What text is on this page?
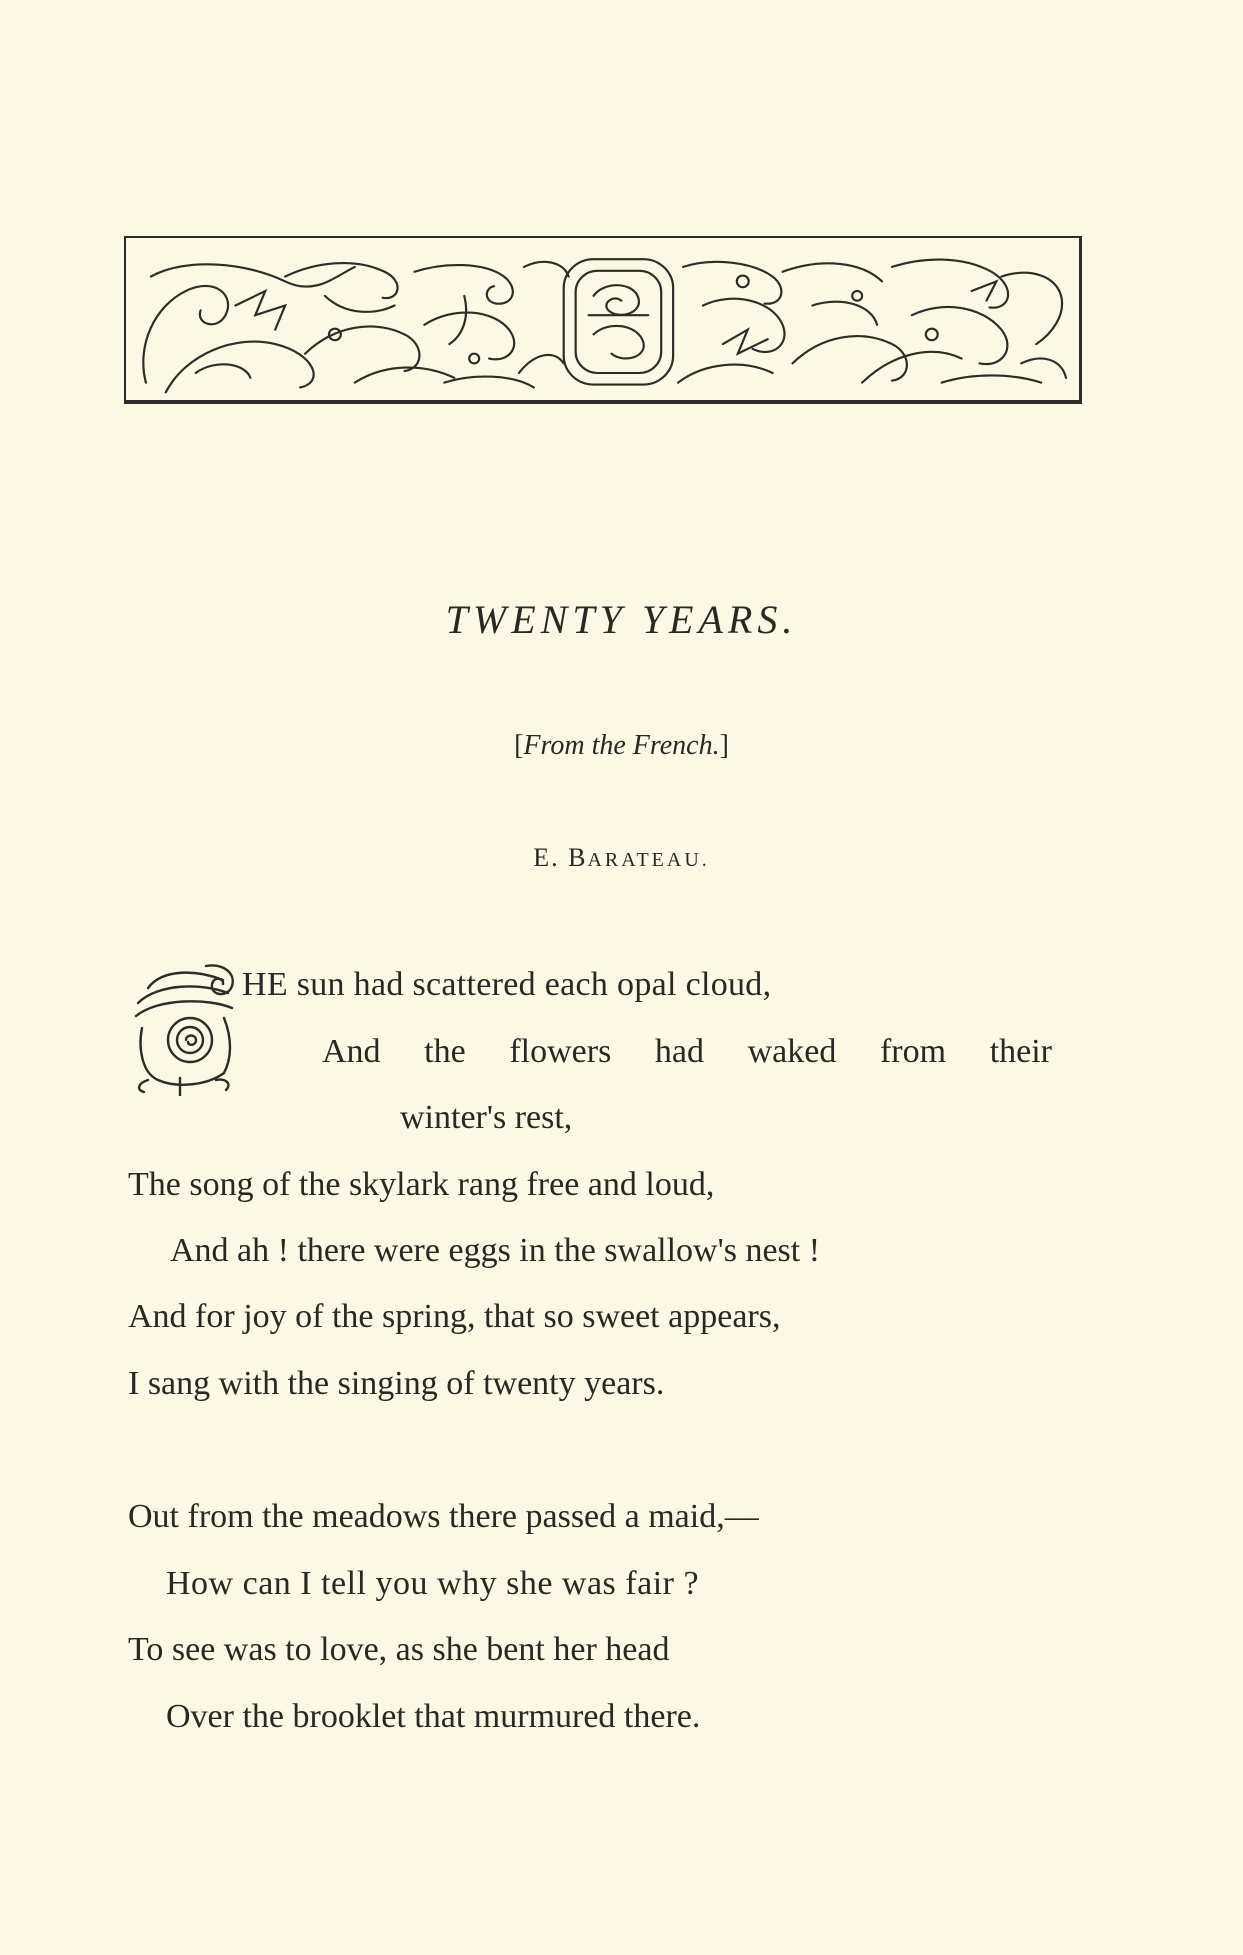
TWENTY YEARS.

[From the French.]

E. BARATEAU.

T

HE sun had scattered each opal cloud,

And the flowers had waked from their

winter's rest,

The song of the skylark rang free and loud,

And ah ! there were eggs in the swallow's nest !

And for joy of the spring, that so sweet appears,

I sang with the singing of twenty years.

Out from the meadows there passed a maid,—

How can I tell you why she was fair ?

To see was to love, as she bent her head

Over the brooklet that murmured there.
